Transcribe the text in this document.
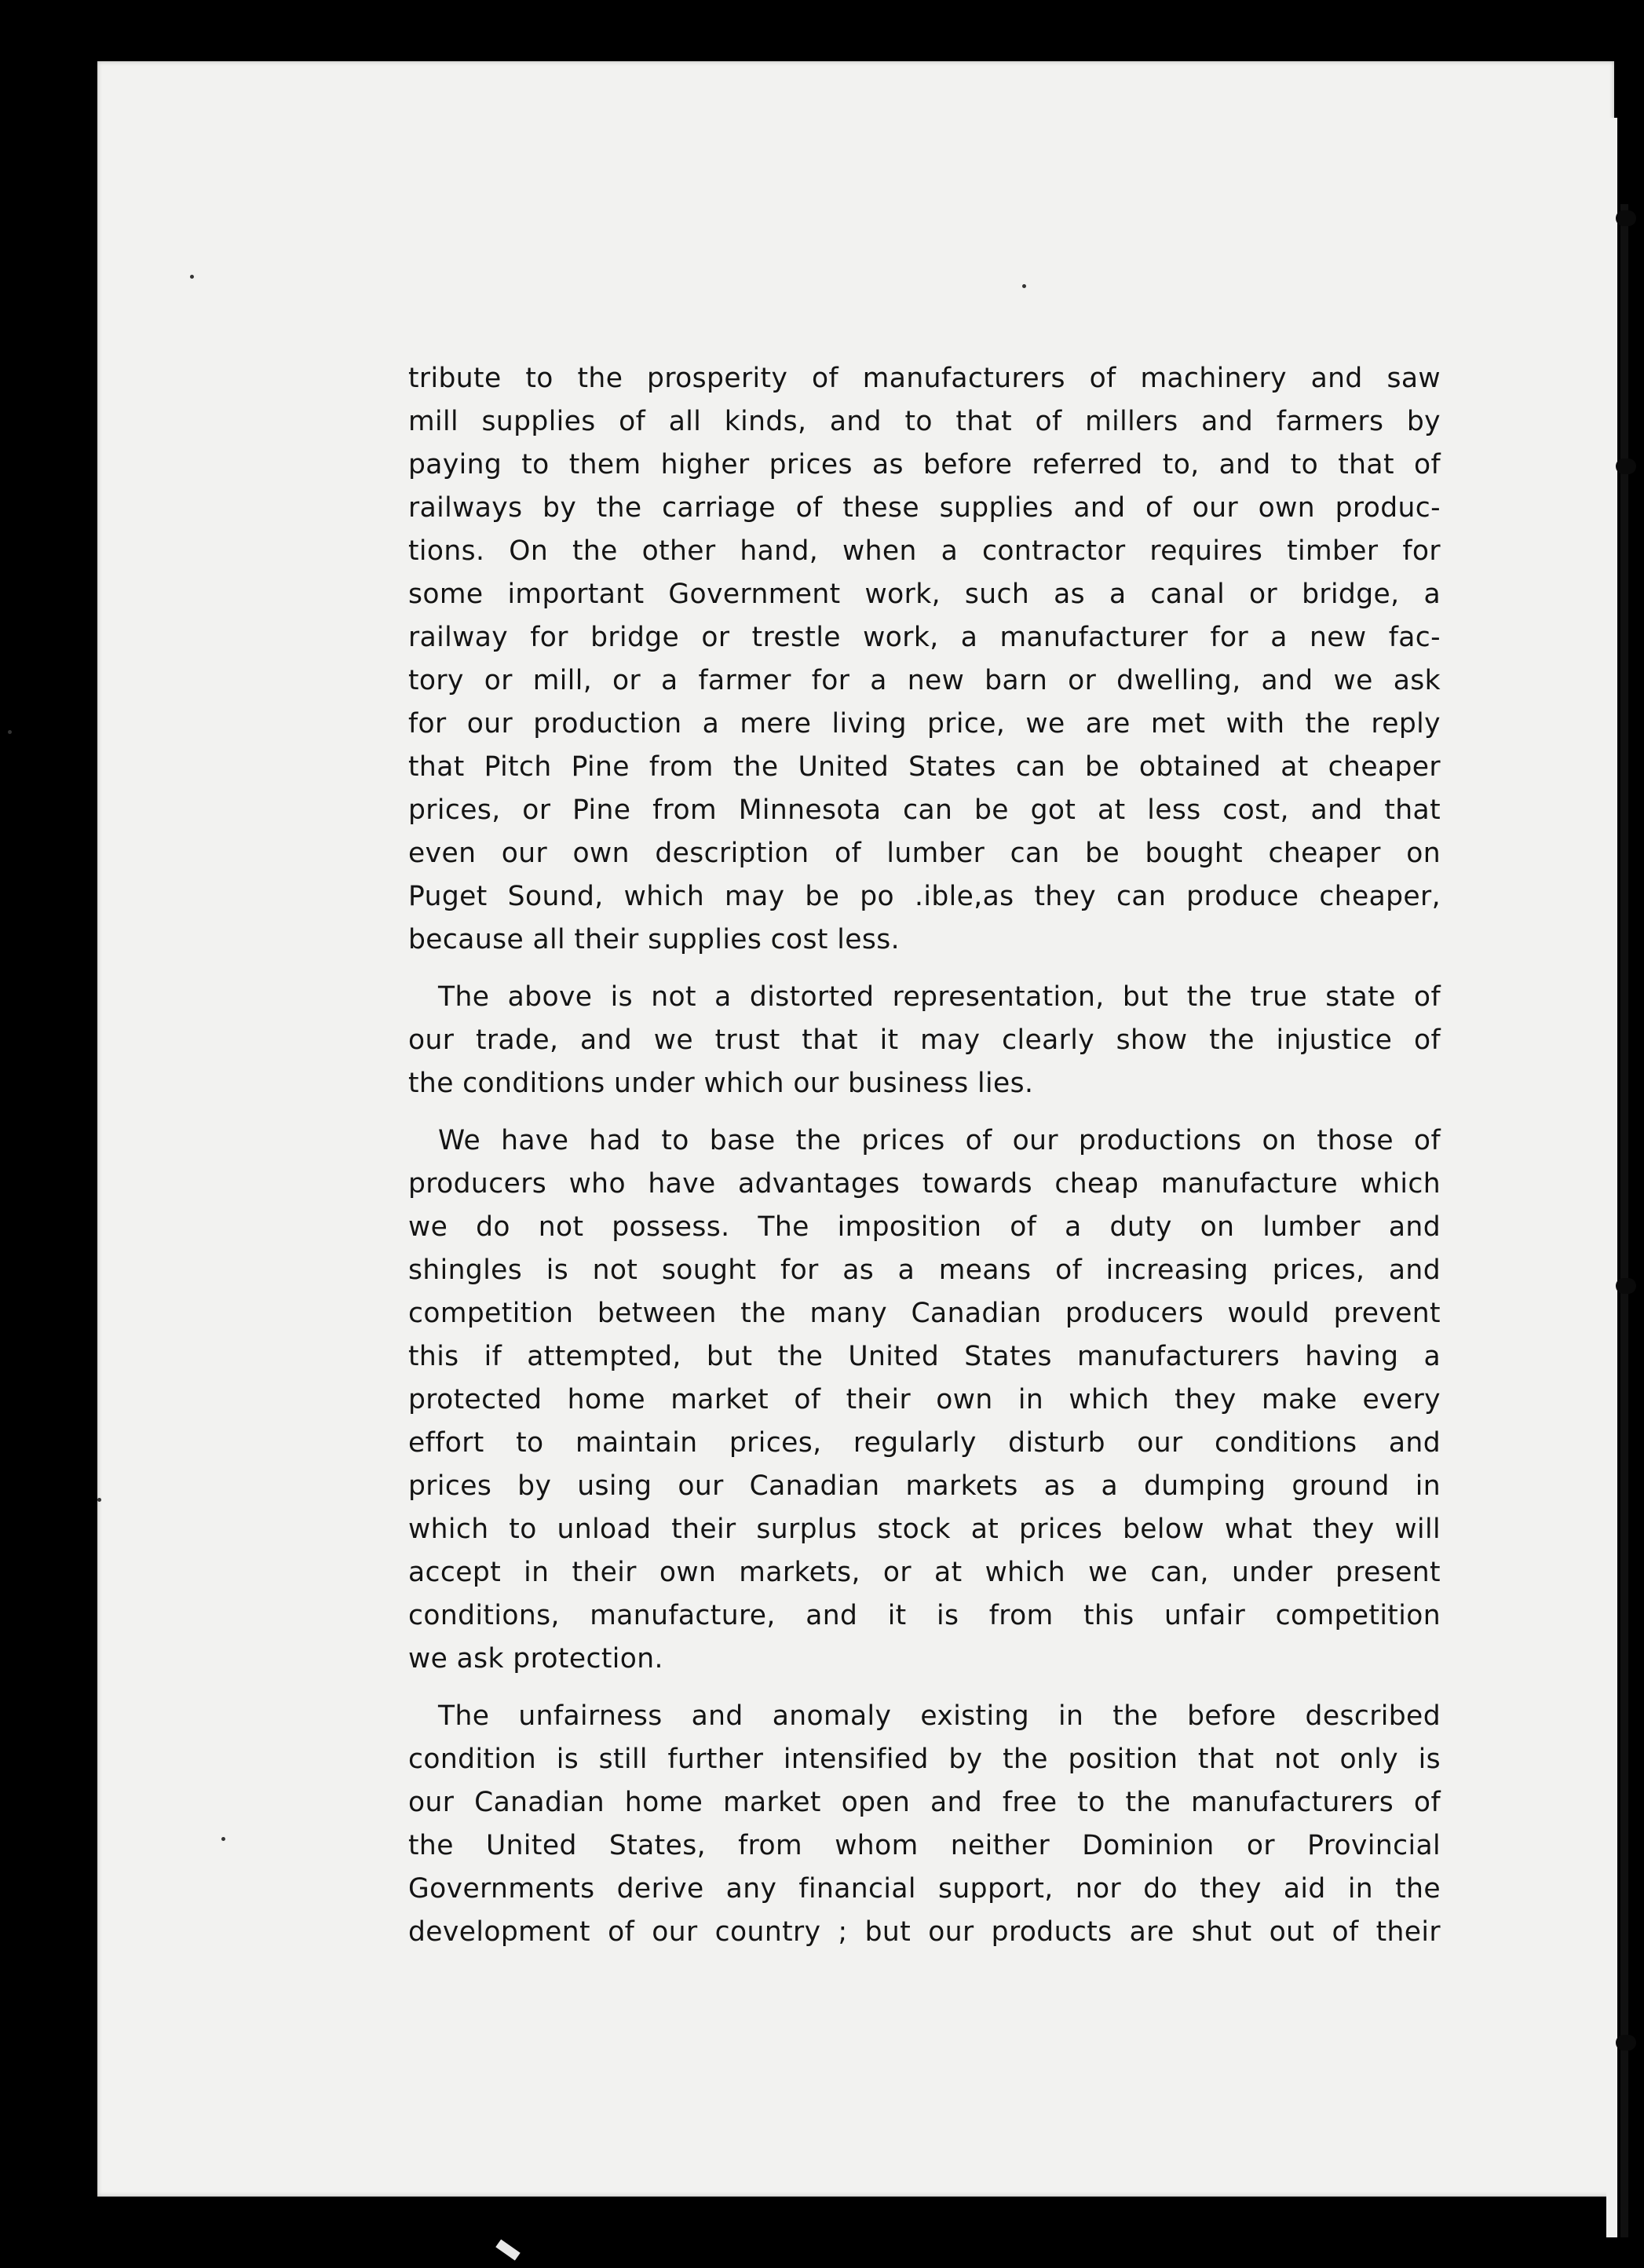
tribute to the prosperity of manufacturers of machinery and saw
mill supplies of all kinds, and to that of millers and farmers by
paying to them higher prices as before referred to, and to that of
railways by the carriage of these supplies and of our own produc-
tions. On the other hand, when a contractor requires timber for
some important Government work, such as a canal or bridge, a
railway for bridge or trestle work, a manufacturer for a new fac-
tory or mill, or a farmer for a new barn or dwelling, and we ask
for our production a mere living price, we are met with the reply
that Pitch Pine from the United States can be obtained at cheaper
prices, or Pine from Minnesota can be got at less cost, and that
even our own description of lumber can be bought cheaper on
Puget Sound, which may be po .ible,as they can produce cheaper,
because all their supplies cost less.
The above is not a distorted representation, but the true state of
our trade, and we trust that it may clearly show the injustice of
the conditions under which our business lies.
We have had to base the prices of our productions on those of
producers who have advantages towards cheap manufacture which
we do not possess. The imposition of a duty on lumber and
shingles is not sought for as a means of increasing prices, and
competition between the many Canadian producers would prevent
this if attempted, but the United States manufacturers having a
protected home market of their own in which they make every
effort to maintain prices, regularly disturb our conditions and
prices by using our Canadian markets as a dumping ground in
which to unload their surplus stock at prices below what they will
accept in their own markets, or at which we can, under present
conditions, manufacture, and it is from this unfair competition
we ask protection.
The unfairness and anomaly existing in the before described
condition is still further intensified by the position that not only is
our Canadian home market open and free to the manufacturers of
the United States, from whom neither Dominion or Provincial
Governments derive any financial support, nor do they aid in the
development of our country ; but our products are shut out of their
